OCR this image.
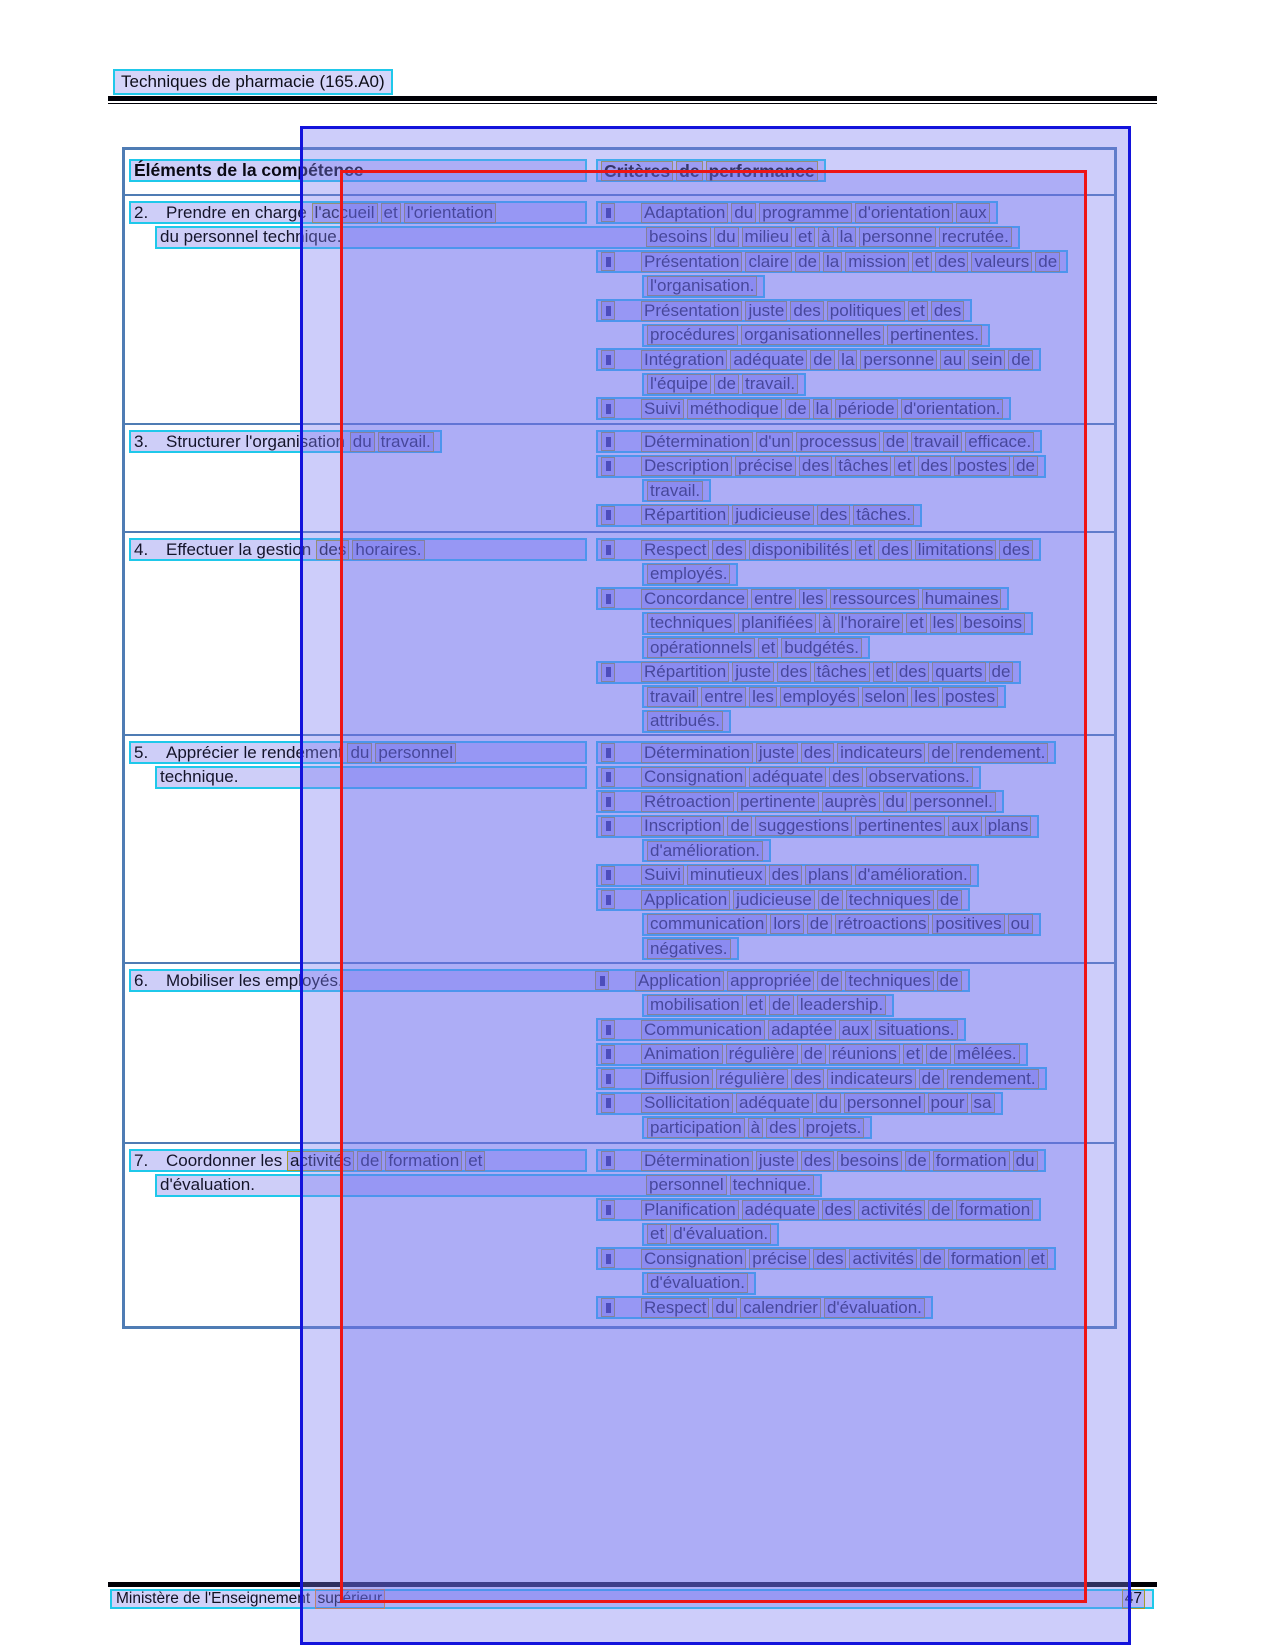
Techniques de pharmacie (165.A0)
Éléments de la compétence	Critères de performance
2.	Prendre en charge l'accueil et l'orientation	Adaptation du programme d'orientation aux
du personnel technique.	besoins du milieu et à la personne recrutée.
Présentation claire de la mission et des valeurs de
l'organisation.
Présentation juste des politiques et des
procédures organisationnelles pertinentes.
Intégration adéquate de la personne au sein de
l'équipe de travail.
Suivi méthodique de la période d'orientation.
3.	Structurer l'organisation du travail.	Détermination d'un processus de travail efficace.
Description précise des tâches et des postes de
travail.
Répartition judicieuse des tâches.
4.	Effectuer la gestion des horaires.	Respect des disponibilités et des limitations des
employés.
Concordance entre les ressources humaines
techniques planifiées à l'horaire et les besoins
opérationnels et budgétés.
Répartition juste des tâches et des quarts de
travail entre les employés selon les postes
attribués.
5.	Apprécier le rendement du personnel	Détermination juste des indicateurs de rendement.
technique.	Consignation adéquate des observations.
Rétroaction pertinente auprès du personnel.
Inscription de suggestions pertinentes aux plans
d'amélioration.
Suivi minutieux des plans d'amélioration.
Application judicieuse de techniques de
communication lors de rétroactions positives ou
négatives.
6. Mobiliser les employés.	Application appropriée de techniques de
mobilisation et de leadership.
Communication adaptée aux situations.
Animation régulière de réunions et de mêlées.
Diffusion régulière des indicateurs de rendement.
Sollicitation adéquate du personnel pour sa
participation à des projets.
7.	Coordonner les activités de formation et	Détermination juste des besoins de formation du
d'évaluation.	personnel technique.
Planification adéquate des activités de formation
et d'évaluation.
Consignation précise des activités de formation et
d'évaluation.
Respect du calendrier d'évaluation.
Ministère de l'Enseignement supérieur	47
